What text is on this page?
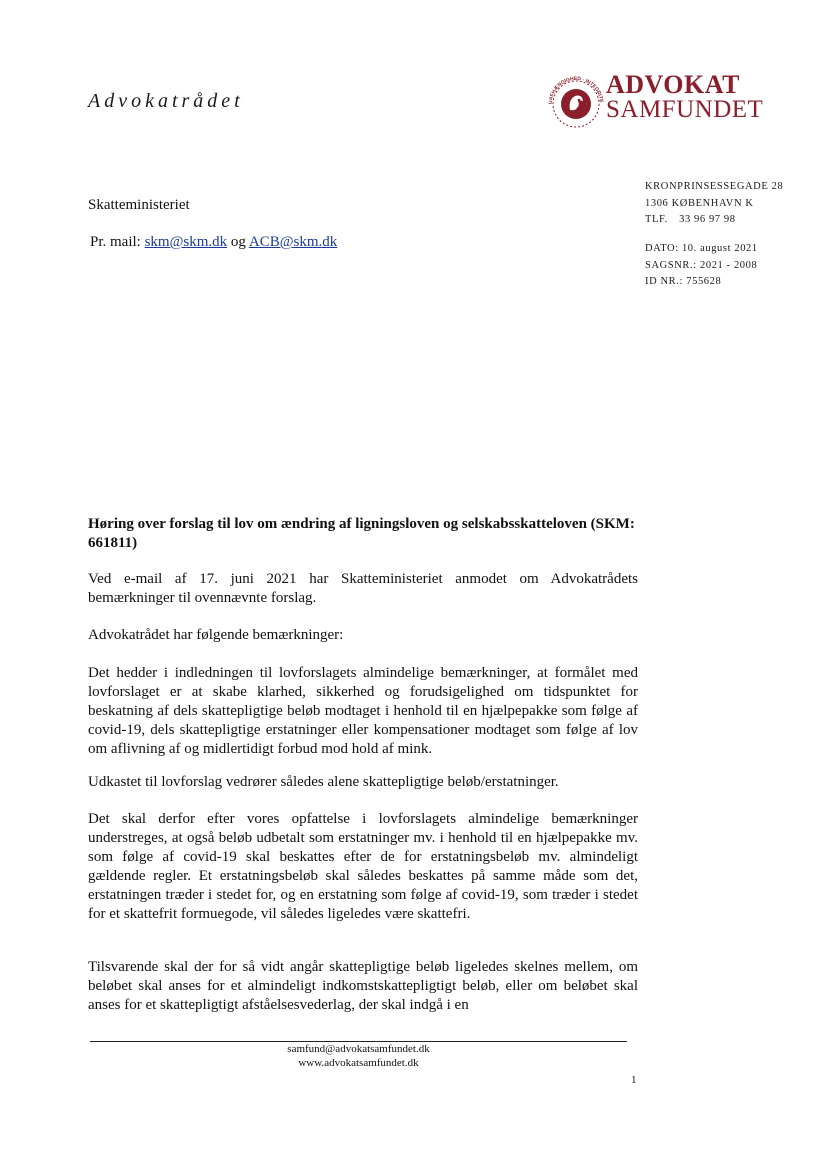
Advokatrådet	UAFHÆNGIGHED · INTEGRITE
ADVOKAT
SAMFUNDET
KRONPRINSESSEGADE 28
1306 KØBENHAVN K
TLF. 33 96 97 98
DATO: 10. august 2021
SAGSNR.: 2021 - 2008
ID NR.: 755628
Skatteministeriet
Pr. mail: skm@skm.dk og ACB@skm.dk
Høring over forslag til lov om ændring af ligningsloven og selskabsskatteloven (SKM: 661811)
Ved e-mail af 17. juni 2021 har Skatteministeriet anmodet om Advokatrådets bemærkninger til ovennævnte forslag.
Advokatrådet har følgende bemærkninger:
Det hedder i indledningen til lovforslagets almindelige bemærkninger, at formålet med lovforslaget er at skabe klarhed, sikkerhed og forudsigelighed om tidspunktet for beskatning af dels skattepligtige beløb modtaget i henhold til en hjælpepakke som følge af covid-19, dels skattepligtige erstatninger eller kompensationer modtaget som følge af lov om aflivning af og midlertidigt forbud mod hold af mink.
Udkastet til lovforslag vedrører således alene skattepligtige beløb/erstatninger.
Det skal derfor efter vores opfattelse i lovforslagets almindelige bemærkninger understreges, at også beløb udbetalt som erstatninger mv. i henhold til en hjælpepakke mv. som følge af covid-19 skal beskattes efter de for erstatningsbeløb mv. almindeligt gældende regler. Et erstatningsbeløb skal således beskattes på samme måde som det, erstatningen træder i stedet for, og en erstatning som følge af covid-19, som træder i stedet for et skattefrit formuegode, vil således ligeledes være skattefri.
Tilsvarende skal der for så vidt angår skattepligtige beløb ligeledes skelnes mellem, om beløbet skal anses for et almindeligt indkomstskattepligtigt beløb, eller om beløbet skal anses for et skattepligtigt afståelsesvederlag, der skal indgå i en
samfund@advokatsamfundet.dk
www.advokatsamfundet.dk
1
